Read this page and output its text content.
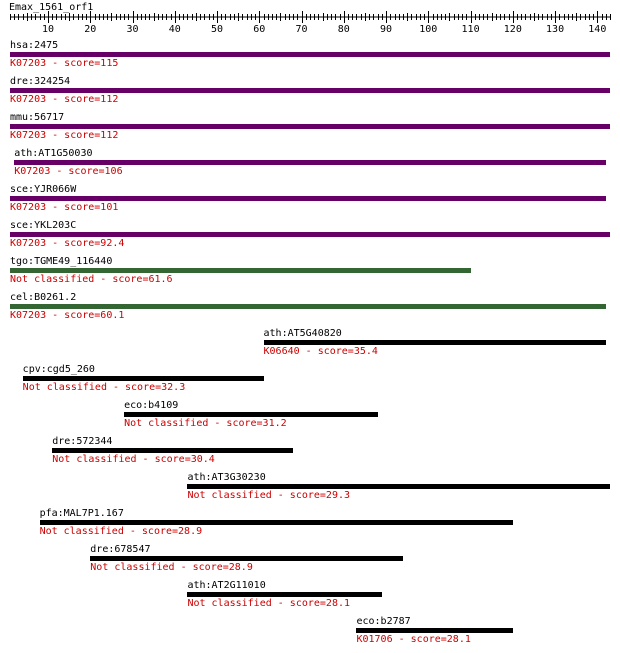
Emax_1561_orf1
10	20	30	40	50	60	70	80	90	100 110 120 130 140
hsa:2475
K07203 - score=115
dre:324254
K07203 - score=112
mmu:56717
K07203 - score=112
ath:AT1G50030
K07203 - score=106
sce:YJR066W
K07203 - score=101
sce:YKL203C
K07203 - score=92.4
tgo:TGME49_116440
Not classified - score=61.6
cel:B0261.2
K07203 - score=60.1
ath:AT5G40820
K06640 - score=35.4
cpv:cgd5_260
Not classified - score=32.3
eco:b4109
Not classified - score=31.2
dre:572344
Not classified - score=30.4
ath:AT3G30230
Not classified - score=29.3
pfa:MAL7P1.167
Not classified - score=28.9
dre:678547
Not classified - score=28.9
ath:AT2G11010
Not classified - score=28.1
eco:b2787
K01706 - score=28.1
